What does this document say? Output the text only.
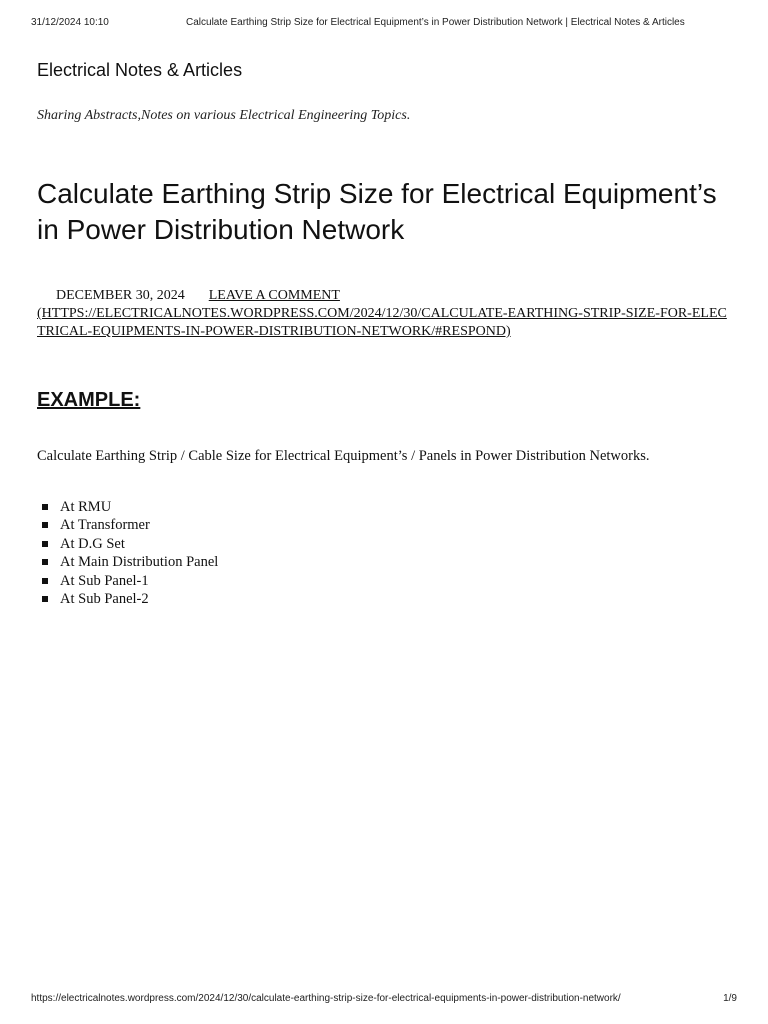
31/12/2024 10:10	Calculate Earthing Strip Size for Electrical Equipment’s in Power Distribution Network | Electrical Notes & Articles
Electrical Notes & Articles

Sharing Abstracts,Notes on various Electrical Engineering Topics.

Calculate Earthing Strip Size for Electrical Equipment’s in Power Distribution Network
DECEMBER 30, 2024 LEAVE A COMMENT
(HTTPS://ELECTRICALNOTES.WORDPRESS.COM/2024/12/30/CALCULATE-EARTHING-STRIP-SIZE-FOR-ELECTRICAL-EQUIPMENTS-IN-POWER-DISTRIBUTION-NETWORK/#RESPOND)
EXAMPLE:

Calculate Earthing Strip / Cable Size for Electrical Equipment’s / Panels in Power Distribution Networks.

At RMU
At Transformer
At D.G Set
At Main Distribution Panel
At Sub Panel-1
At Sub Panel-2
https://electricalnotes.wordpress.com/2024/12/30/calculate-earthing-strip-size-for-electrical-equipments-in-power-distribution-network/	1/9
